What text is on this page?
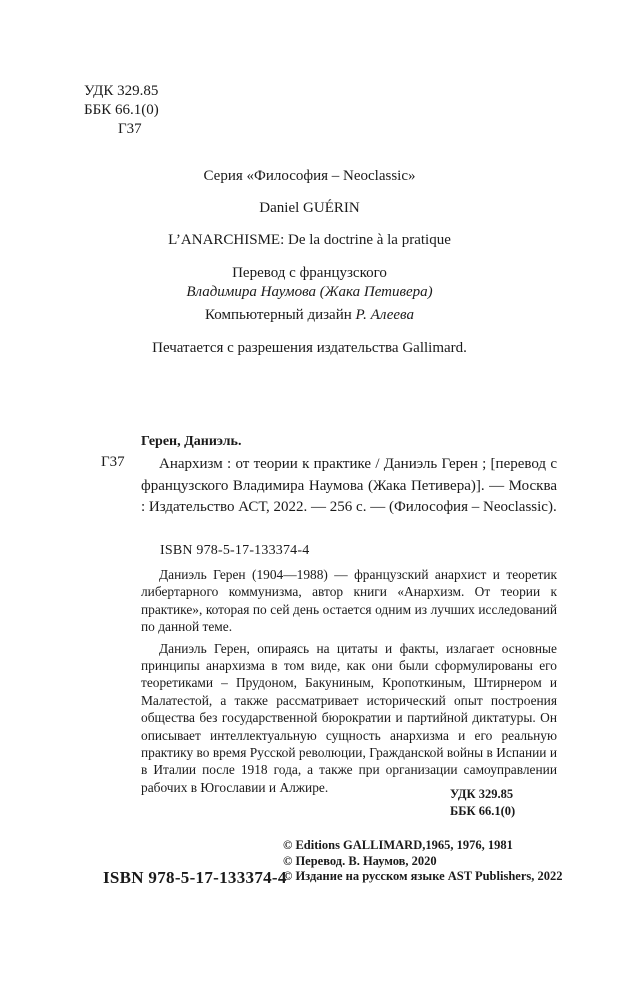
УДК 329.85
ББК 66.1(0)
Г37
Серия «Философия – Neoclassic»
Daniel GUÉRIN
L’ANARCHISME: De la doctrine à la pratique
Перевод с французского
Владимира Наумова (Жака Петивера)
Компьютерный дизайн Р. Алеева
Печатается с разрешения издательства Gallimard.
Герен, Даниэль.
Г37	Анархизм : от теории к практике / Даниэль Герен ; [перевод с французского Владимира Наумова (Жака Петивера)]. — Москва : Издательство АСТ, 2022. — 256 с. — (Философия – Neoclassic).
ISBN 978-5-17-133374-4

Даниэль Герен (1904—1988) — французский анархист и теоретик либертарного коммунизма, автор книги «Анархизм. От теории к практике», которая по сей день остается одним из лучших исследований по данной теме.

Даниэль Герен, опираясь на цитаты и факты, излагает основные принципы анархизма в том виде, как они были сформулированы его теоретиками – Прудоном, Бакуниным, Кропоткиным, Штирнером и Малатестой, а также рассматривает исторический опыт построения общества без государственной бюрократии и партийной диктатуры. Он описывает интеллектуальную сущность анархизма и его реальную практику во время Русской революции, Гражданской войны в Испании и в Италии после 1918 года, а также при организации самоуправлении рабочих в Югославии и Алжире.	УДК 329.85
ББК 66.1(0)
ISBN 978-5-17-133374-4
© Editions GALLIMARD,1965, 1976, 1981
© Перевод. В. Наумов, 2020
© Издание на русском языке AST Publishers, 2022
